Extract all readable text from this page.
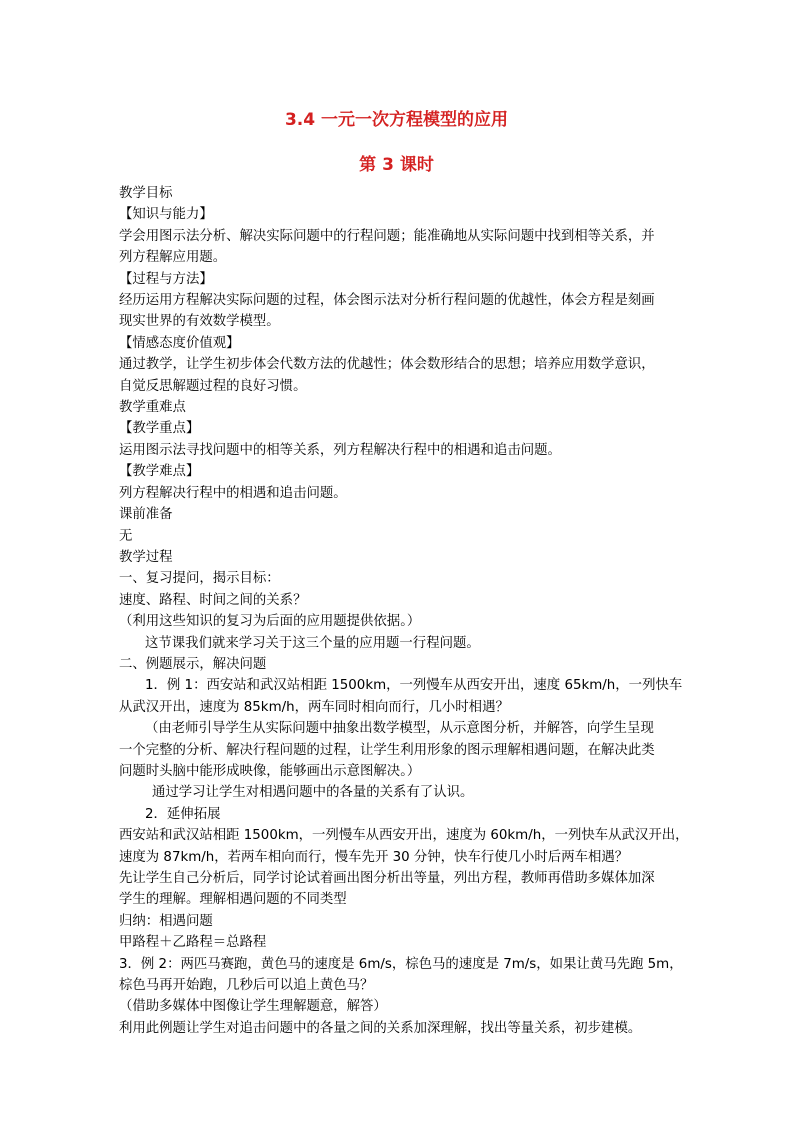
3.4 一元一次方程模型的应用
第 3 课时
教学目标
【知识与能力】
学会用图示法分析、解决实际问题中的行程问题；能准确地从实际问题中找到相等关系，并
列方程解应用题。
【过程与方法】
经历运用方程解决实际问题的过程，体会图示法对分析行程问题的优越性，体会方程是刻画
现实世界的有效数学模型。
【情感态度价值观】
通过教学，让学生初步体会代数方法的优越性；体会数形结合的思想；培养应用数学意识，
自觉反思解题过程的良好习惯。
教学重难点
【教学重点】
运用图示法寻找问题中的相等关系，列方程解决行程中的相遇和追击问题。
【教学难点】
列方程解决行程中的相遇和追击问题。
课前准备
无
教学过程
一、复习提问，揭示目标：
速度、路程、时间之间的关系？
（利用这些知识的复习为后面的应用题提供依据。）
这节课我们就来学习关于这三个量的应用题一行程问题。
二、例题展示，解决问题
1．例 1：西安站和武汉站相距 1500km，一列慢车从西安开出，速度 65km/h，一列快车
从武汉开出，速度为 85km/h，两车同时相向而行，几小时相遇？
（由老师引导学生从实际问题中抽象出数学模型，从示意图分析，并解答，向学生呈现
一个完整的分析、解决行程问题的过程，让学生利用形象的图示理解相遇问题，在解决此类
问题时头脑中能形成映像，能够画出示意图解决。）
通过学习让学生对相遇问题中的各量的关系有了认识。
2．延伸拓展
西安站和武汉站相距 1500km，一列慢车从西安开出，速度为 60km/h，一列快车从武汉开出，
速度为 87km/h，若两车相向而行，慢车先开 30 分钟，快车行使几小时后两车相遇？
先让学生自己分析后，同学讨论试着画出图分析出等量，列出方程，教师再借助多媒体加深
学生的理解。理解相遇问题的不同类型
归纳：相遇问题
甲路程＋乙路程＝总路程
3．例 2：两匹马赛跑，黄色马的速度是 6m/s，棕色马的速度是 7m/s，如果让黄马先跑 5m，
棕色马再开始跑，几秒后可以追上黄色马？
（借助多媒体中图像让学生理解题意，解答）
利用此例题让学生对追击问题中的各量之间的关系加深理解，找出等量关系，初步建模。
